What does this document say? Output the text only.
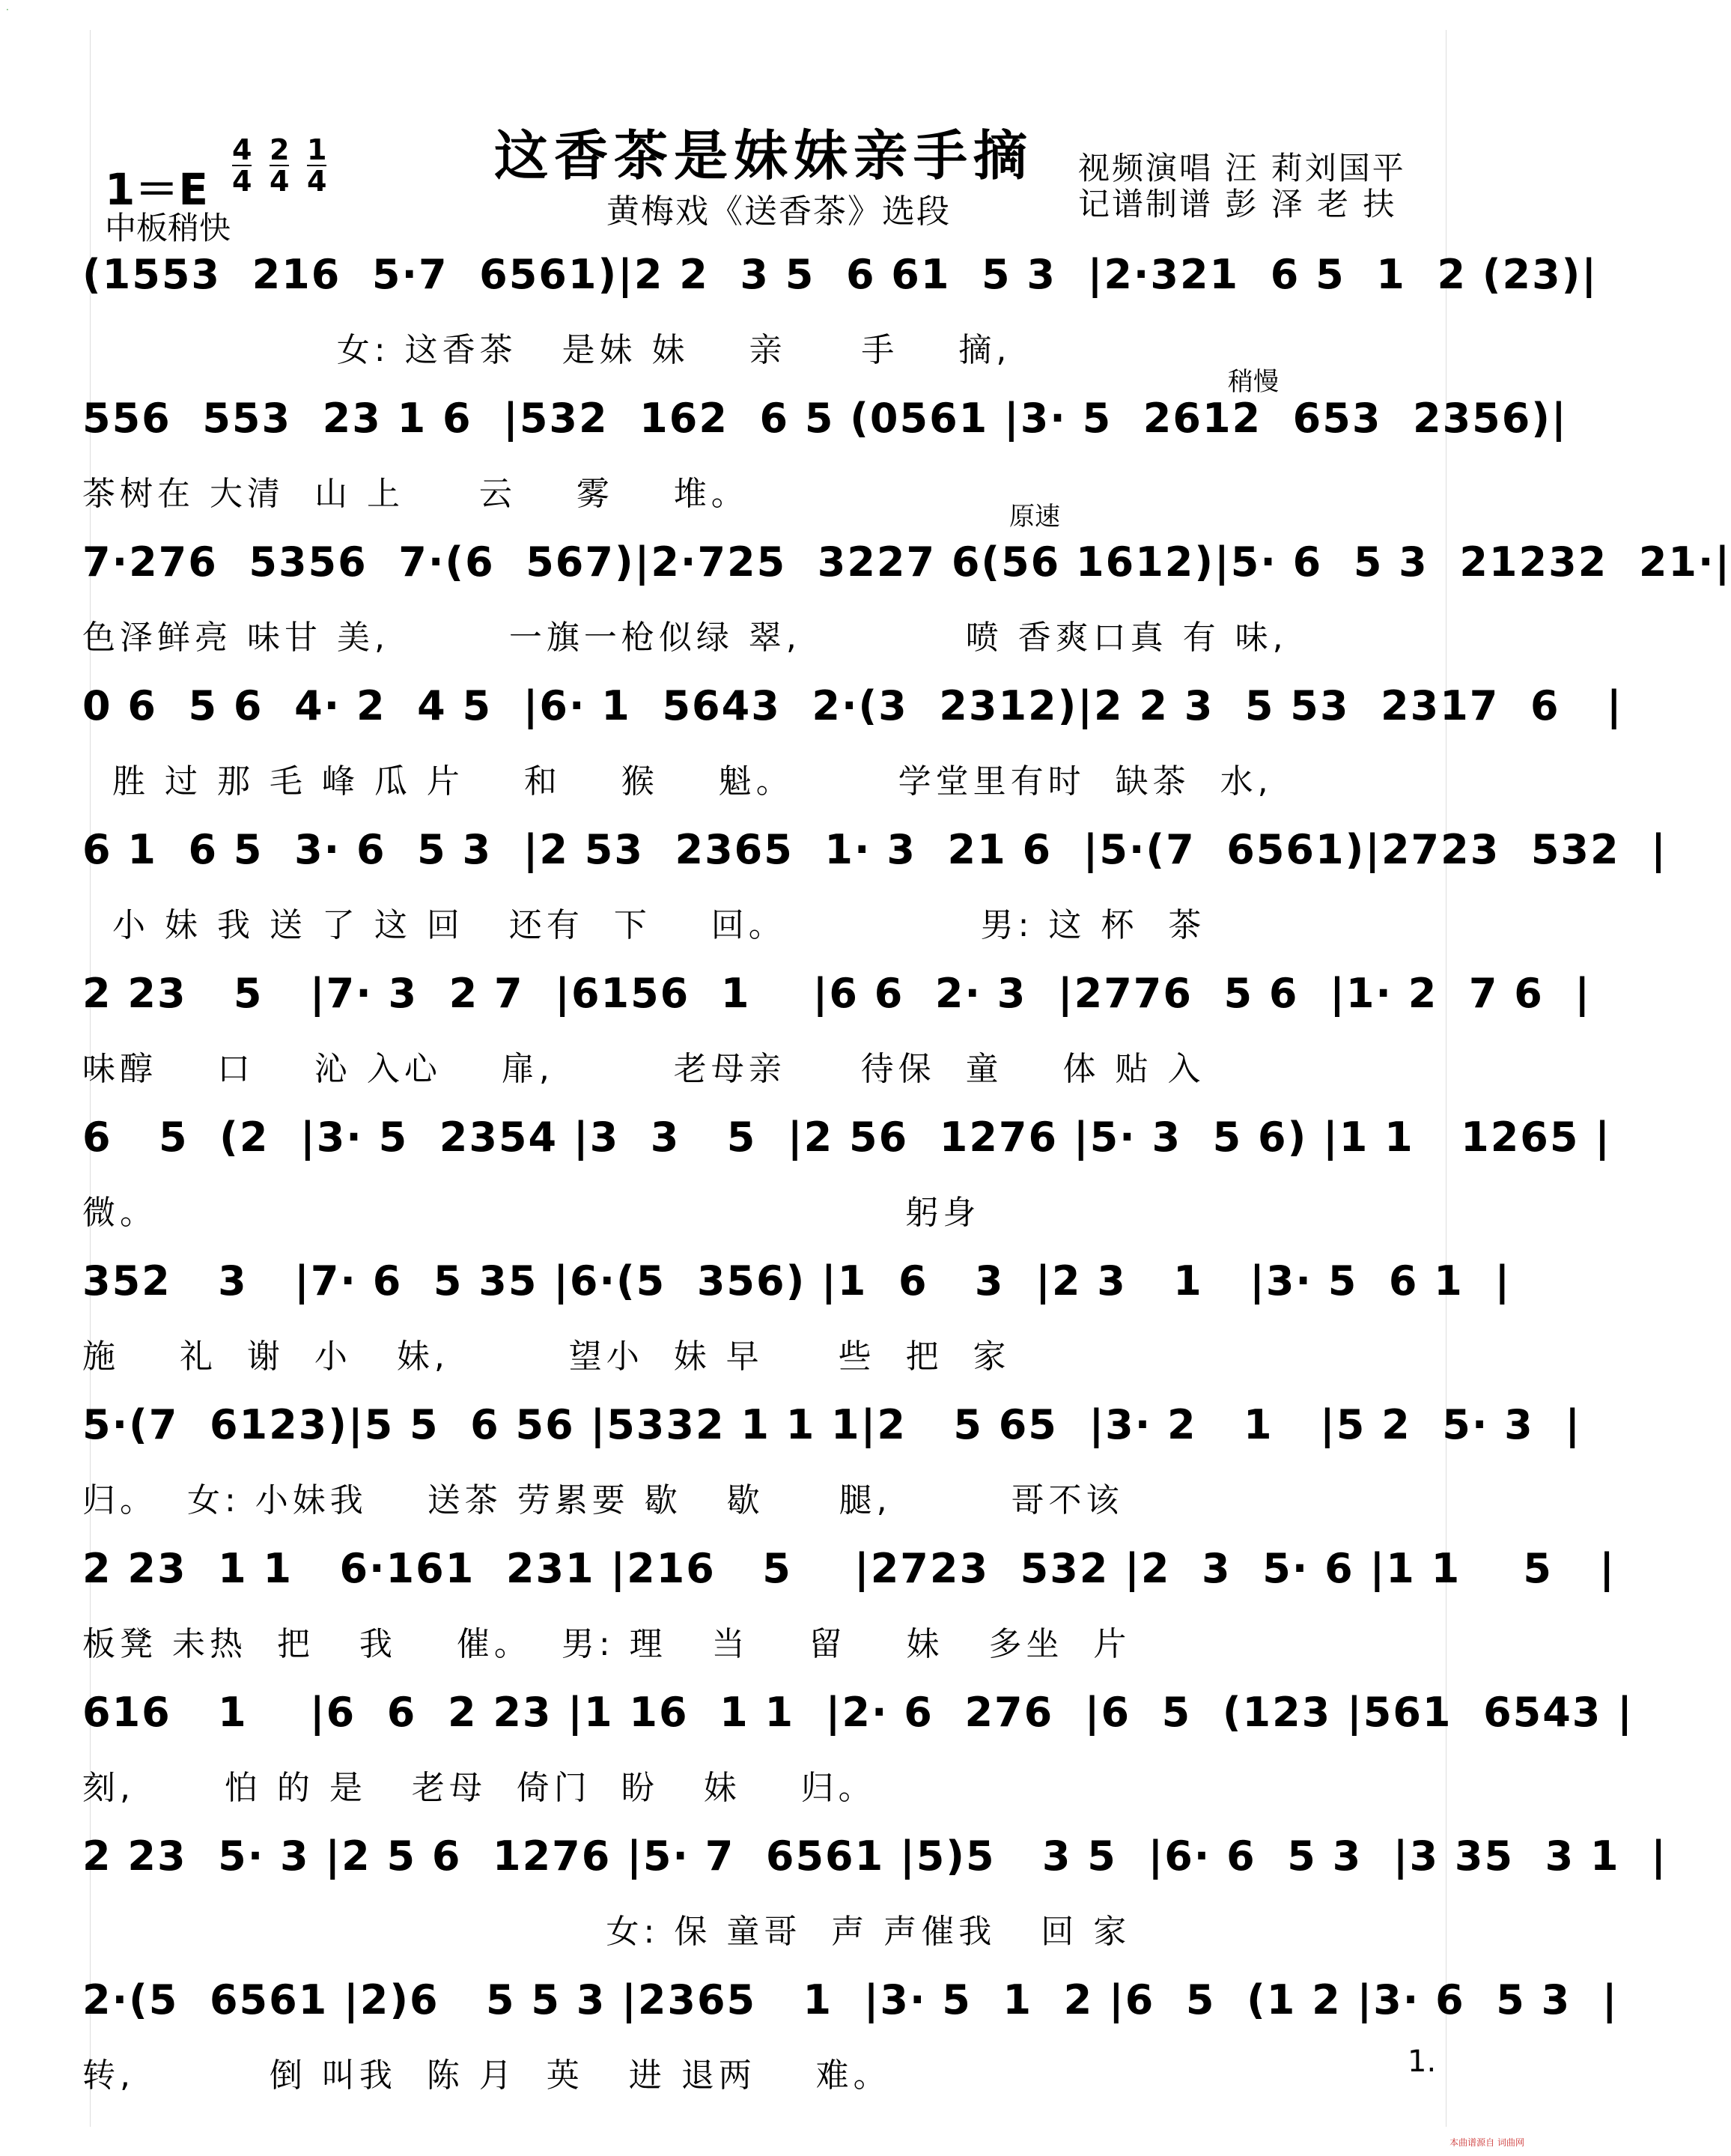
·
这香茶是妹妹亲手摘
黄梅戏《送香茶》选段
视频演唱 汪 莉刘国平
记谱制谱 彭 泽 老 扶
1＝E
4
4
2
4
1
4
中板稍快
(1553  216  5·7  6561)|2 2  3 5  6 61  5 3  |2·321  6 5  1  2 (23)|
女: 这香茶   是妹 妹    亲     手    摘,
556  553  23 1 6  |532  162  6 5 (0561 |3· 5  2612  653  2356)|
茶树在 大清  山 上     云    雾    堆。
7·276  5356  7·(6  567)|2·725  3227 6(56 1612)|5· 6  5 3  21232  21·|
色泽鲜亮 味甘 美,        一旗一枪似绿 翠,           喷 香爽口真 有 味,
0 6  5 6  4· 2  4 5  |6· 1  5643  2·(3  2312)|2 2 3  5 53  2317  6   |
胜 过 那 毛 峰 瓜 片    和    猴    魁。       学堂里有时  缺茶  水,
6 1  6 5  3· 6  5 3  |2 53  2365  1· 3  21 6  |5·(7  6561)|2723  532  |
小 妹 我 送 了 这 回   还有  下    回。             男: 这 杯  茶
2 23   5   |7· 3  2 7  |6156  1    |6 6  2· 3  |2776  5 6  |1· 2  7 6  |
味醇    口    沁 入心    扉,        老母亲     待保  童    体 贴 入
6   5  (2  |3· 5  2354 |3  3   5  |2 56  1276 |5· 3  5 6) |1 1   1265 |
微。                                                  躬身
352   3   |7· 6  5 35 |6·(5  356) |1  6   3  |2 3   1   |3· 5  6 1  |
施    礼  谢  小   妹,        望小  妹 早     些  把  家
5·(7  6123)|5 5  6 56 |5332 1 1 1|2   5 65  |3· 2   1   |5 2  5· 3  |
归。  女: 小妹我    送茶 劳累要 歇   歇     腿,        哥不该
2 23  1 1   6·161  231 |216   5    |2723  532 |2  3  5· 6 |1 1    5   |
板凳 未热  把   我    催。  男: 理   当    留    妹   多坐  片
616   1    |6  6  2 23 |1 16  1 1  |2· 6  276  |6  5  (123 |561  6543 |
刻,      怕 的 是   老母  倚门  盼   妹    归。
2 23  5· 3 |2 5 6  1276 |5· 7  6561 |5)5   3 5  |6· 6  5 3  |3 35  3 1  |
女: 保 童哥  声 声催我   回 家
2·(5  6561 |2)6   5 5 3 |2365   1  |3· 5  1  2 |6  5  (1 2 |3· 6  5 3  |
转,         倒 叫我  陈 月  英   进 退两    难。
稍慢
原速
1.
本曲谱源自 词曲网
